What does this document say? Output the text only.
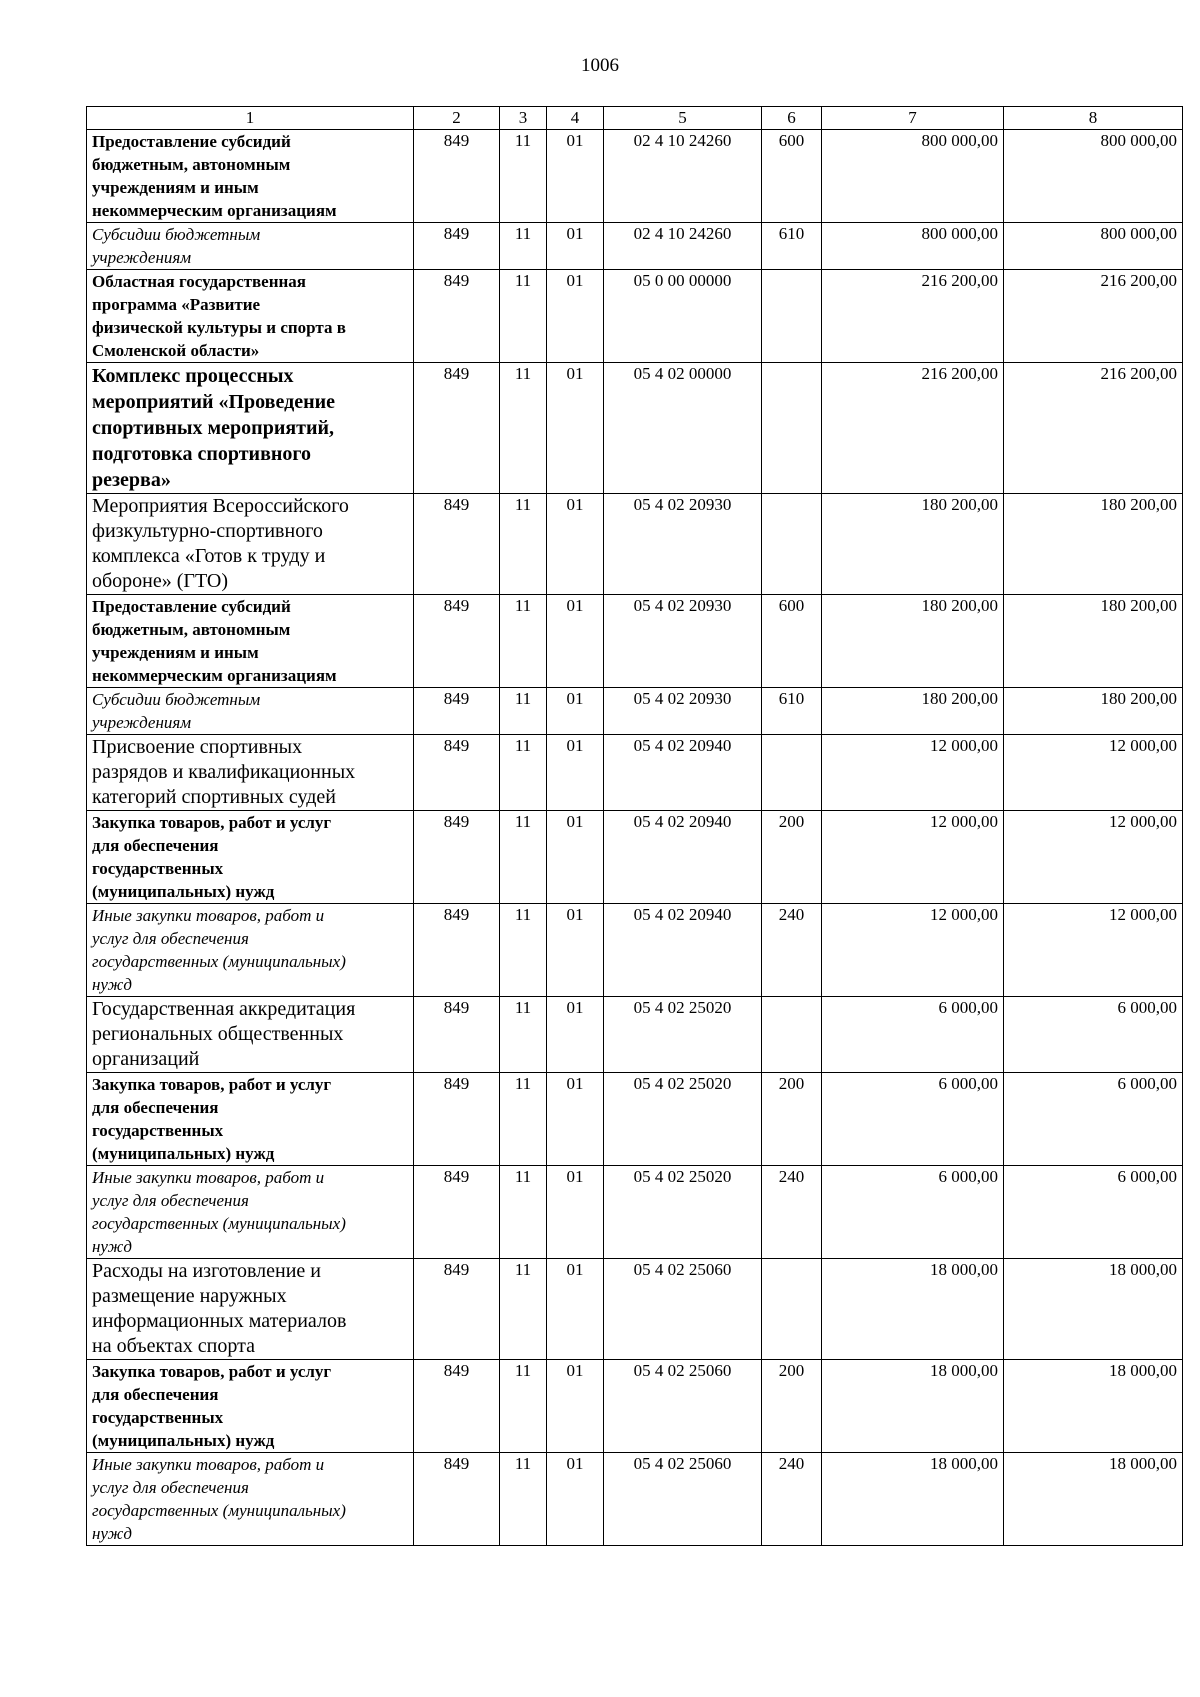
1006
1	2	3	4	5	6	7	8

Предоставление субсидий
бюджетным, автономным
учреждениям и иным
некоммерческим организациям	849	11	01	02 4 10 24260	600	800 000,00	800 000,00

Субсидии бюджетным
учреждениям	849	11	01	02 4 10 24260	610	800 000,00	800 000,00

Областная государственная
программа «Развитие
физической культуры и спорта в
Смоленской области»	849	11	01	05 0 00 00000		216 200,00	216 200,00

Комплекс процессных
мероприятий «Проведение
спортивных мероприятий,
подготовка спортивного
резерва»	849	11	01	05 4 02 00000		216 200,00	216 200,00

Мероприятия Всероссийского
физкультурно-спортивного
комплекса «Готов к труду и
обороне» (ГТО)	849	11	01	05 4 02 20930		180 200,00	180 200,00

Предоставление субсидий
бюджетным, автономным
учреждениям и иным
некоммерческим организациям	849	11	01	05 4 02 20930	600	180 200,00	180 200,00

Субсидии бюджетным
учреждениям	849	11	01	05 4 02 20930	610	180 200,00	180 200,00

Присвоение спортивных
разрядов и квалификационных
категорий спортивных судей	849	11	01	05 4 02 20940		12 000,00	12 000,00

Закупка товаров, работ и услуг
для обеспечения
государственных
(муниципальных) нужд	849	11	01	05 4 02 20940	200	12 000,00	12 000,00

Иные закупки товаров, работ и
услуг для обеспечения
государственных (муниципальных)
нужд	849	11	01	05 4 02 20940	240	12 000,00	12 000,00

Государственная аккредитация
региональных общественных
организаций	849	11	01	05 4 02 25020		6 000,00	6 000,00

Закупка товаров, работ и услуг
для обеспечения
государственных
(муниципальных) нужд	849	11	01	05 4 02 25020	200	6 000,00	6 000,00

Иные закупки товаров, работ и
услуг для обеспечения
государственных (муниципальных)
нужд	849	11	01	05 4 02 25020	240	6 000,00	6 000,00

Расходы на изготовление и
размещение наружных
информационных материалов
на объектах спорта	849	11	01	05 4 02 25060		18 000,00	18 000,00

Закупка товаров, работ и услуг
для обеспечения
государственных
(муниципальных) нужд	849	11	01	05 4 02 25060	200	18 000,00	18 000,00

Иные закупки товаров, работ и
услуг для обеспечения
государственных (муниципальных)
нужд	849	11	01	05 4 02 25060	240	18 000,00	18 000,00
